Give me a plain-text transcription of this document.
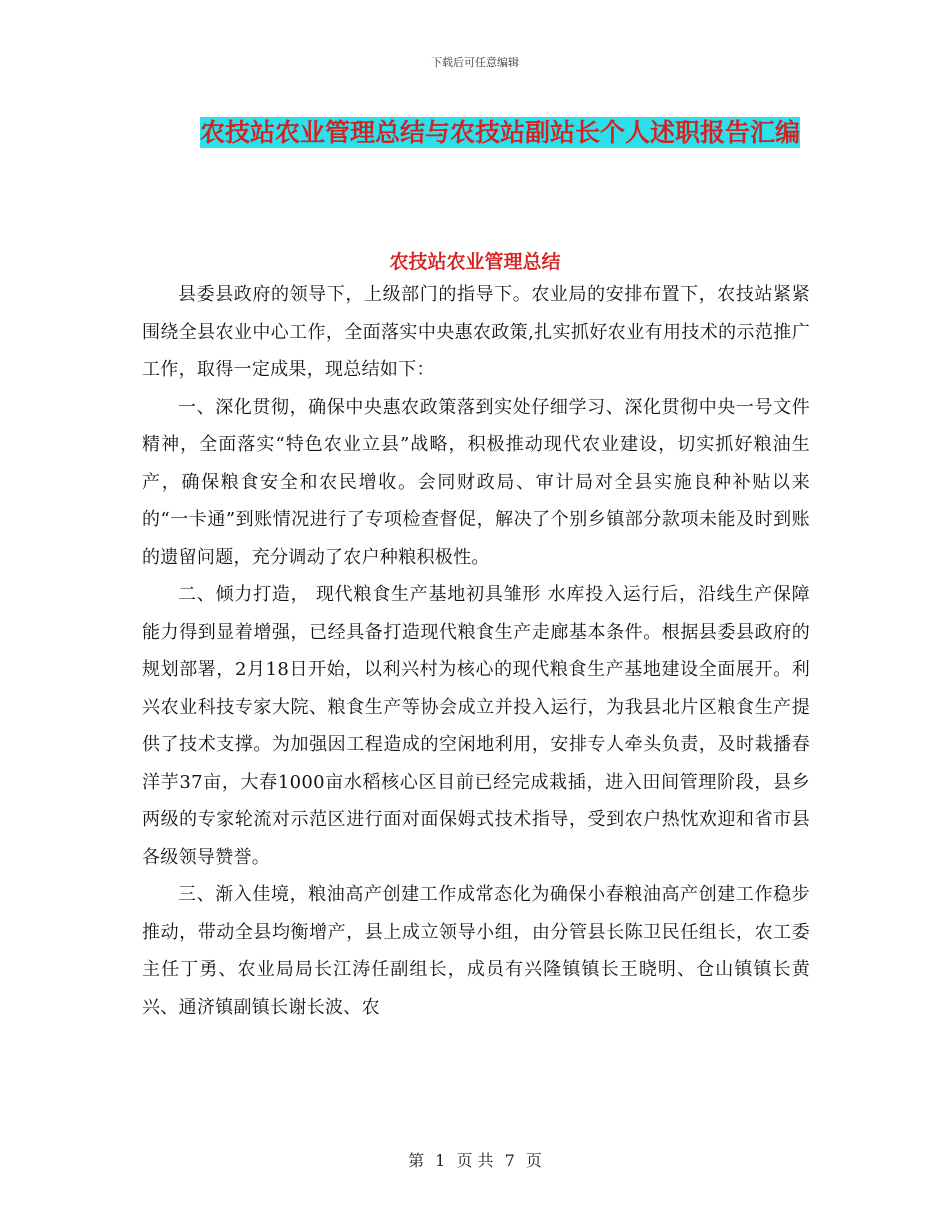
下载后可任意编辑
农技站农业管理总结与农技站副站长个人述职报告汇编
农技站农业管理总结

县委县政府的领导下，上级部门的指导下。农业局的安排布置下，农技站紧紧围绕全县农业中心工作，全面落实中央惠农政策,扎实抓好农业有用技术的示范推广工作，取得一定成果，现总结如下：

一、深化贯彻，确保中央惠农政策落到实处仔细学习、深化贯彻中央一号文件精神，全面落实“特色农业立县”战略，积极推动现代农业建设，切实抓好粮油生产，确保粮食安全和农民增收。会同财政局、审计局对全县实施良种补贴以来的“一卡通”到账情况进行了专项检查督促，解决了个别乡镇部分款项未能及时到账的遗留问题，充分调动了农户种粮积极性。

二、倾力打造， 现代粮食生产基地初具雏形 水库投入运行后，沿线生产保障能力得到显着增强，已经具备打造现代粮食生产走廊基本条件。根据县委县政府的规划部署，2月18日开始，以利兴村为核心的现代粮食生产基地建设全面展开。利兴农业科技专家大院、粮食生产等协会成立并投入运行，为我县北片区粮食生产提供了技术支撑。为加强因工程造成的空闲地利用，安排专人牵头负责，及时栽播春洋芋37亩，大春1000亩水稻核心区目前已经完成栽插，进入田间管理阶段，县乡两级的专家轮流对示范区进行面对面保姆式技术指导，受到农户热忱欢迎和省市县各级领导赞誉。

三、渐入佳境，粮油高产创建工作成常态化为确保小春粮油高产创建工作稳步推动，带动全县均衡增产，县上成立领导小组，由分管县长陈卫民任组长，农工委主任丁勇、农业局局长江涛任副组长，成员有兴隆镇镇长王晓明、仓山镇镇长黄兴、通济镇副镇长谢长波、农

第 1 页 共 7 页
